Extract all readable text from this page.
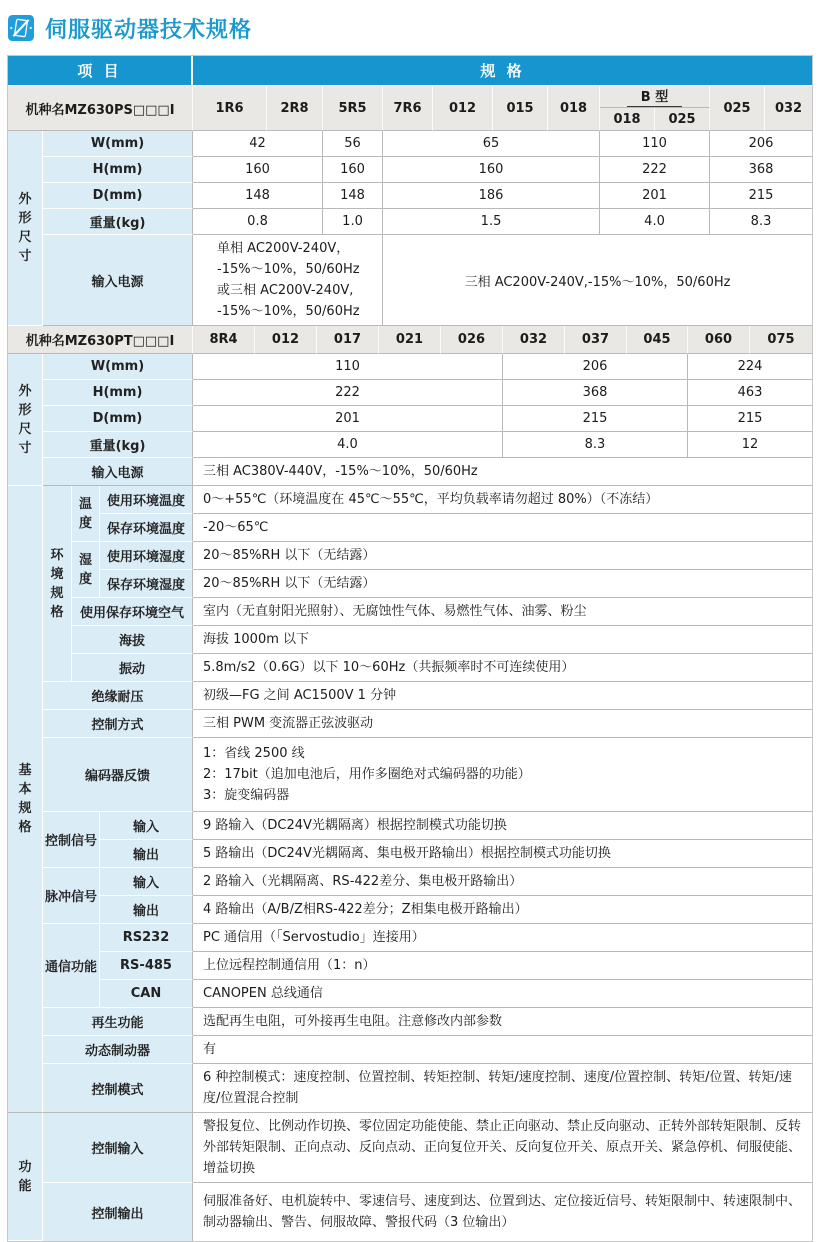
伺服驱动器技术规格
项 目	规 格
机种名MZ630PS□□□I		1R6	2R8	5R5	7R6	012	015	018	B 型		025	032
									018	025		

外形尺寸	W(mm)	42		56	65				110		206	
	H(mm)	160		160	160				222		368	
	D(mm)	148		148	186				201		215	
	重量(kg)	0.8		1.0	1.5				4.0		8.3	
	输入电源	单相 AC200V-240V，
-15%～10%，50/60Hz
或三相 AC200V-240V,
-15%～10%，50/60Hz			三相 AC200V-240V,-15%～10%，50/60Hz							
机种名MZ630PT□□□I		8R4	012	017	021	026	032	037	045	060	075

外形尺寸	W(mm)	110					206			224	
	H(mm)	222					368			463	
	D(mm)	201					215			215	
	重量(kg)	4.0					8.3			12	
	输入电源	三相 AC380V-440V，-15%～10%，50/60Hz									
基本规格	环境规格	温度	使用环境温度	0～+55℃（环境温度在 45℃～55℃，平均负载率请勿超过 80%）（不冻结）
			保存环境温度	-20～65℃

		湿度	使用环境湿度	20～85%RH 以下（无结露）
			保存环境湿度	20～85%RH 以下（无结露）
		使用保存环境空气		室内（无直射阳光照射）、无腐蚀性气体、易燃性气体、油雾、粉尘
		海拔		海拔 1000m 以下
		振动		5.8m/s2（0.6G）以下 10～60Hz（共振频率时不可连续使用）
	绝缘耐压			初级—FG 之间 AC1500V 1 分钟
	控制方式			三相 PWM 变流器正弦波驱动
	编码器反馈			1：省线 2500 线
2：17bit（追加电池后，用作多圈绝对式编码器的功能）
3：旋变编码器

	控制信号		输入	9 路输入（DC24V光耦隔离）根据控制模式功能切换
			输出	5 路输出（DC24V光耦隔离、集电极开路输出）根据控制模式功能切换
	脉冲信号		输入	2 路输入（光耦隔离、RS-422差分、集电极开路输出）
			输出	4 路输出（A/B/Z相RS-422差分；Z相集电极开路输出）
	通信功能		RS232	PC 通信用（「Servostudio」连接用）
			RS-485	上位远程控制通信用（1：n）
			CAN	CANOPEN 总线通信
	再生功能			选配再生电阻，可外接再生电阻。注意修改内部参数
	动态制动器			有
	控制模式			6 种控制模式：速度控制、位置控制、转矩控制、转矩/速度控制、速度/位置控制、转矩/位置、转矩/速度/位置混合控制
功能	控制输入	警报复位、比例动作切换、零位固定功能使能、禁止正向驱动、禁止反向驱动、正转外部转矩限制、反转外部转矩限制、正向点动、反向点动、正向复位开关、反向复位开关、原点开关、紧急停机、伺服使能、增益切换
	控制输出	伺服准备好、电机旋转中、零速信号、速度到达、位置到达、定位接近信号、转矩限制中、转速限制中、制动器输出、警告、伺服故障、警报代码（3 位输出）
